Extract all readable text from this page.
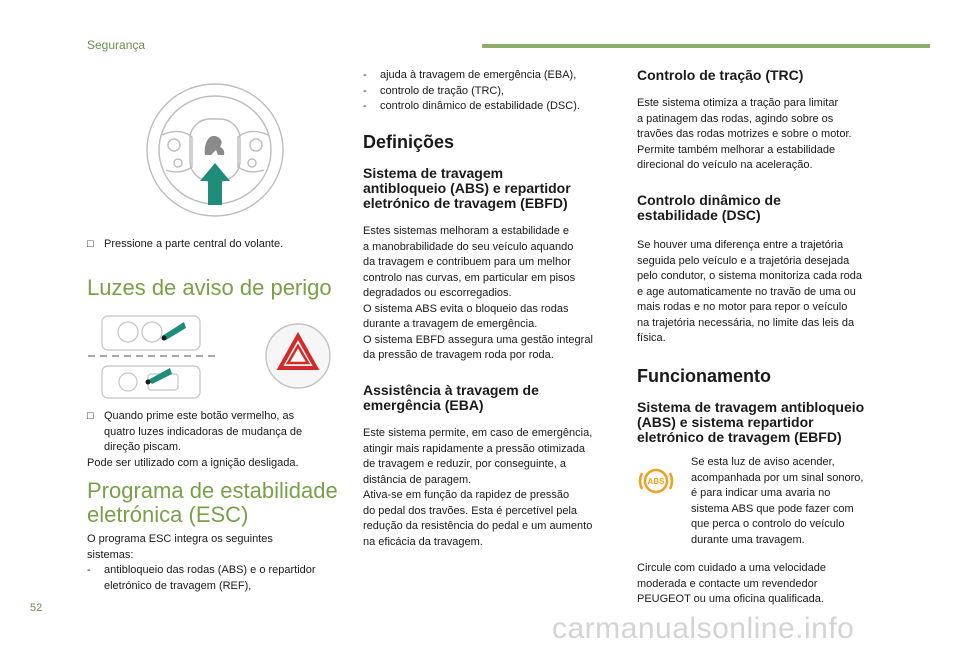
Segurança
52
carmanualsonline.info
□ Pressione a parte central do volante.
Luzes de aviso de perigo
□ Quando prime este botão vermelho, as
quatro luzes indicadoras de mudança de
direção piscam.
Pode ser utilizado com a ignição desligada.
Programa de estabilidade
eletrónica (ESC)
O programa ESC integra os seguintes
sistemas:
- antibloqueio das rodas (ABS) e o repartidor
eletrónico de travagem (REF),
- ajuda à travagem de emergência (EBA),
- controlo de tração (TRC),
- controlo dinâmico de estabilidade (DSC).
Definições
Sistema de travagem
antibloqueio (ABS) e repartidor
eletrónico de travagem (EBFD)
Estes sistemas melhoram a estabilidade e
a manobrabilidade do seu veículo aquando
da travagem e contribuem para um melhor
controlo nas curvas, em particular em pisos
degradados ou escorregadios.
O sistema ABS evita o bloqueio das rodas
durante a travagem de emergência.
O sistema EBFD assegura uma gestão integral
da pressão de travagem roda por roda.
Assistência à travagem de
emergência (EBA)
Este sistema permite, em caso de emergência,
atingir mais rapidamente a pressão otimizada
de travagem e reduzir, por conseguinte, a
distância de paragem.
Ativa-se em função da rapidez de pressão
do pedal dos travões. Esta é percetível pela
redução da resistência do pedal e um aumento
na eficácia da travagem.
Controlo de tração (TRC)
Este sistema otimiza a tração para limitar
a patinagem das rodas, agindo sobre os
travões das rodas motrizes e sobre o motor.
Permite também melhorar a estabilidade
direcional do veículo na aceleração.
Controlo dinâmico de
estabilidade (DSC)
Se houver uma diferença entre a trajetória
seguida pelo veículo e a trajetória desejada
pelo condutor, o sistema monitoriza cada roda
e age automaticamente no travão de uma ou
mais rodas e no motor para repor o veículo
na trajetória necessária, no limite das leis da
física.
Funcionamento
Sistema de travagem antibloqueio
(ABS) e sistema repartidor
eletrónico de travagem (EBFD)
ABS
Se esta luz de aviso acender,
acompanhada por um sinal sonoro,
é para indicar uma avaria no
sistema ABS que pode fazer com
que perca o controlo do veículo
durante uma travagem.
Circule com cuidado a uma velocidade
moderada e contacte um revendedor
PEUGEOT ou uma oficina qualificada.
